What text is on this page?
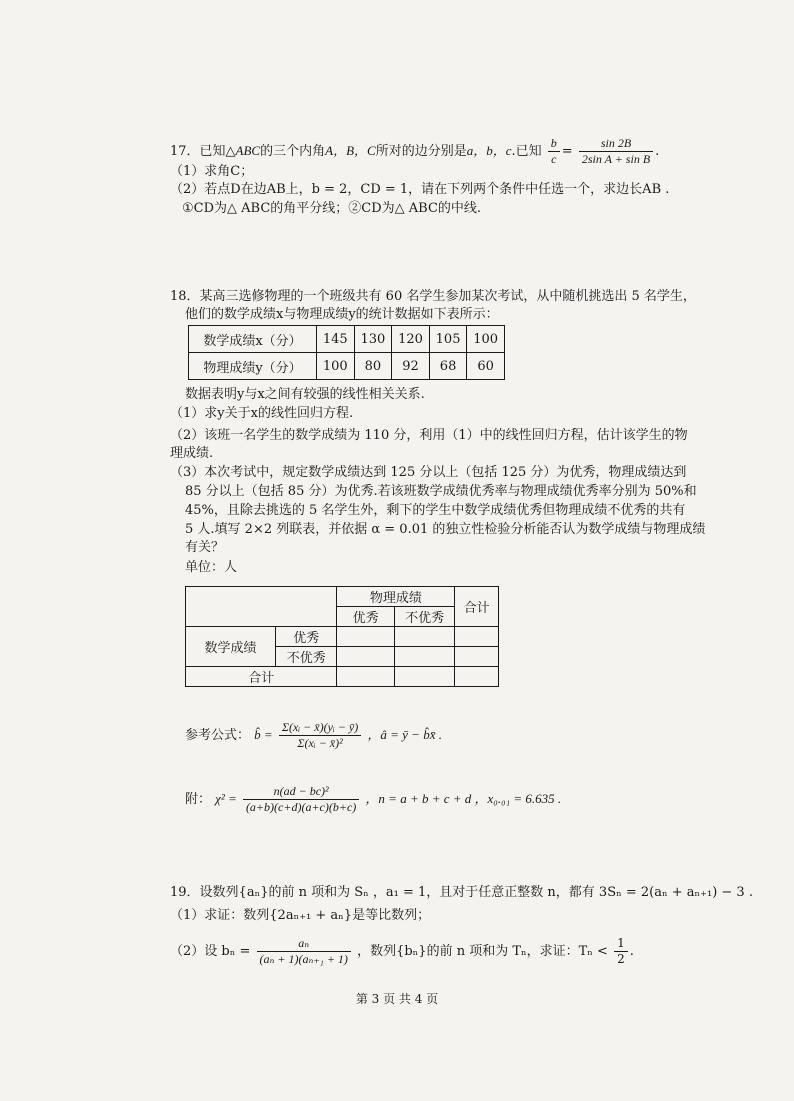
17．已知△ABC的三个内角A，B，C所对的边分别是a，b，c.已知 $\frac{b}{c} = \frac{\sin 2B}{\text{2sin A + sin B}}$ .
（1）求角C；
（2）若点D在边AB上，b = 2，CD = 1，请在下列两个条件中任选一个，求边长AB .
①CD为△ ABC的角平分线；②CD为△ ABC的中线.
18．某高三选修物理的一个班级共有 60 名学生参加某次考试，从中随机挑选出 5 名学生，
他们的数学成绩x与物理成绩y的统计数据如下表所示：
数学成绩x（分）	145	130	120	105	100
物理成绩y（分）	100	80	92	68	60
数据表明y与x之间有较强的线性相关关系.
（1）求y关于x的线性回归方程.
（2）该班一名学生的数学成绩为 110 分，利用（1）中的线性回归方程，估计该学生的物
理成绩.
（3）本次考试中，规定数学成绩达到 125 分以上（包括 125 分）为优秀，物理成绩达到
85 分以上（包括 85 分）为优秀.若该班数学成绩优秀率与物理成绩优秀率分别为 50%和
45%，且除去挑选的 5 名学生外，剩下的学生中数学成绩优秀但物理成绩不优秀的共有
5 人.填写 2×2 列联表，并依据 α = 0.01 的独立性检验分析能否认为数学成绩与物理成绩
有关？
单位：人
		物理成绩		合计
		优秀	不优秀	
数学成绩	优秀			
	不优秀			
合计				
参考公式： b̂ = $\frac{\text{Σ(xᵢ − x̄)(yᵢ − ȳ)}}{\text{Σ(xᵢ − x̄)²}}$ ，â = ȳ − b̂x̄ .
附： $\chi^2 = \frac{\text{n(ad − bc)²}}{(a+b)(c+d)(a+c)(b+c)}$ ，n = a + b + c + d ，x₀.₀₁ = 6.635 .
19．设数列{aₙ}的前 n 项和为 Sₙ ，a₁ = 1，且对于任意正整数 n，都有 3Sₙ = 2(aₙ + aₙ₊₁) − 3 .
（1）求证：数列{2aₙ₊₁ + aₙ}是等比数列；
（2）设 $b_n = \frac{\text{aₙ}}{\text{(aₙ + 1)(aₙ₊₁ + 1)}}$ ，数列{bₙ}的前 n 项和为 Tₙ，求证：$T_n < \frac{1}{2}$ .
第 3 页 共 4 页
